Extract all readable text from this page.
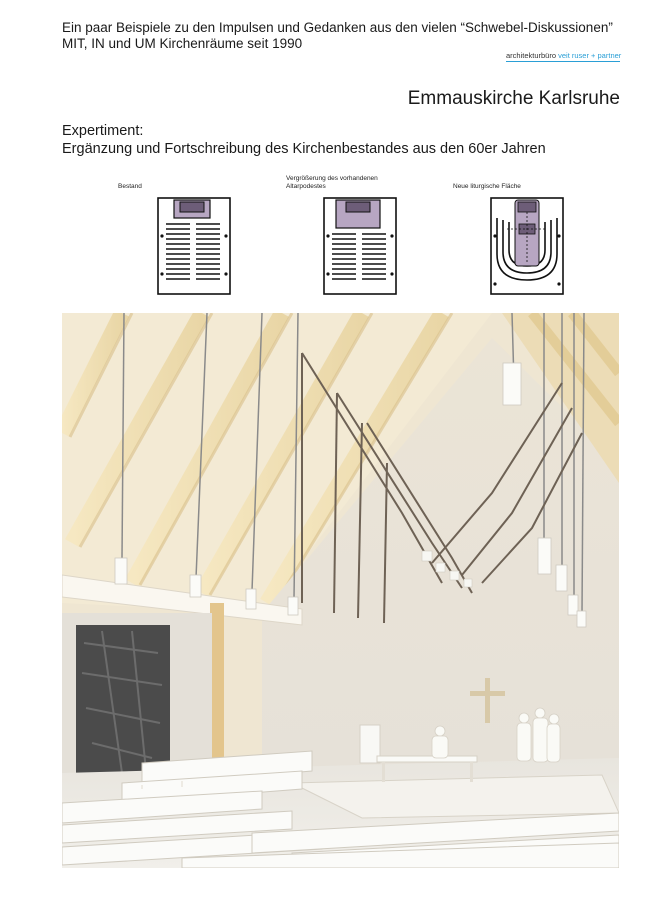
Ein paar Beispiele zu den Impulsen und Gedanken aus den vielen “Schwebel-Diskussionen”
MIT, IN und UM Kirchenräume seit 1990
architekturbüro veit ruser + partner
Emmauskirche Karlsruhe
Expertiment:
Ergänzung und Fortschreibung des Kirchenbestandes aus den 60er Jahren
Bestand
Vergrößerung des vorhandenen
Altarpodestes	Neue liturgische Fläche
